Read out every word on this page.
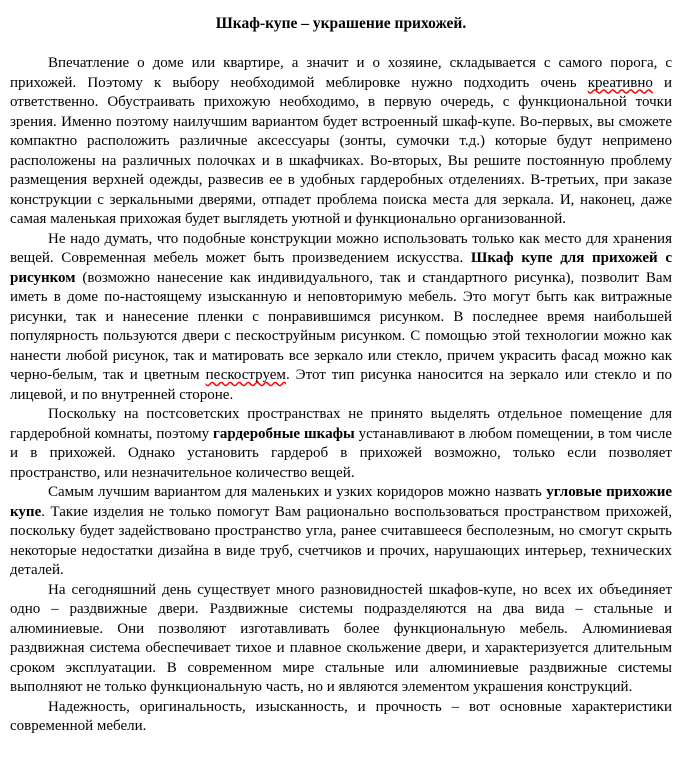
Шкаф-купе – украшение прихожей.

Впечатление о доме или квартире, а значит и о хозяине, складывается с самого порога, с прихожей. Поэтому к выбору необходимой меблировке нужно подходить очень креативно и ответственно. Обустраивать прихожую необходимо, в первую очередь, с функциональной точки зрения. Именно поэтому наилучшим вариантом будет встроенный шкаф-купе. Во-первых, вы сможете компактно расположить различные аксессуары (зонты, сумочки т.д.) которые будут непримено расположены на различных полочках и в шкафчиках. Во-вторых, Вы решите постоянную проблему размещения верхней одежды, развесив ее в удобных гардеробных отделениях. В-третьих, при заказе конструкции с зеркальными дверями, отпадет проблема поиска места для зеркала. И, наконец, даже самая маленькая прихожая будет выглядеть уютной и функционально организованной.

Не надо думать, что подобные конструкции можно использовать только как место для хранения вещей. Современная мебель может быть произведением искусства. Шкаф купе для прихожей с рисунком (возможно нанесение как индивидуального, так и стандартного рисунка), позволит Вам иметь в доме по-настоящему изысканную и неповторимую мебель. Это могут быть как витражные рисунки, так и нанесение пленки с понравившимся рисунком. В последнее время наибольшей популярность пользуются двери с пескоструйным рисунком. С помощью этой технологии можно как нанести любой рисунок, так и матировать все зеркало или стекло, причем украсить фасад можно как черно-белым, так и цветным пескоструем. Этот тип рисунка наносится на зеркало или стекло и по лицевой, и по внутренней стороне.

Поскольку на постсоветских пространствах не принято выделять отдельное помещение для гардеробной комнаты, поэтому гардеробные шкафы устанавливают в любом помещении, в том числе и в прихожей. Однако установить гардероб в прихожей возможно, только если позволяет пространство, или незначительное количество вещей.

Самым лучшим вариантом для маленьких и узких коридоров можно назвать угловые прихожие купе. Такие изделия не только помогут Вам рационально воспользоваться пространством прихожей, поскольку будет задействовано пространство угла, ранее считавшееся бесполезным, но смогут скрыть некоторые недостатки дизайна в виде труб, счетчиков и прочих, нарушающих интерьер, технических деталей.

На сегодняшний день существует много разновидностей шкафов-купе, но всех их объединяет одно – раздвижные двери. Раздвижные системы подразделяются на два вида – стальные и алюминиевые. Они позволяют изготавливать более функциональную мебель. Алюминиевая раздвижная система обеспечивает тихое и плавное скольжение двери, и характеризуется длительным сроком эксплуатации. В современном мире стальные или алюминиевые раздвижные системы выполняют не только функциональную часть, но и являются элементом украшения конструкций.

Надежность, оригинальность, изысканность, и прочность – вот основные характеристики современной мебели.
